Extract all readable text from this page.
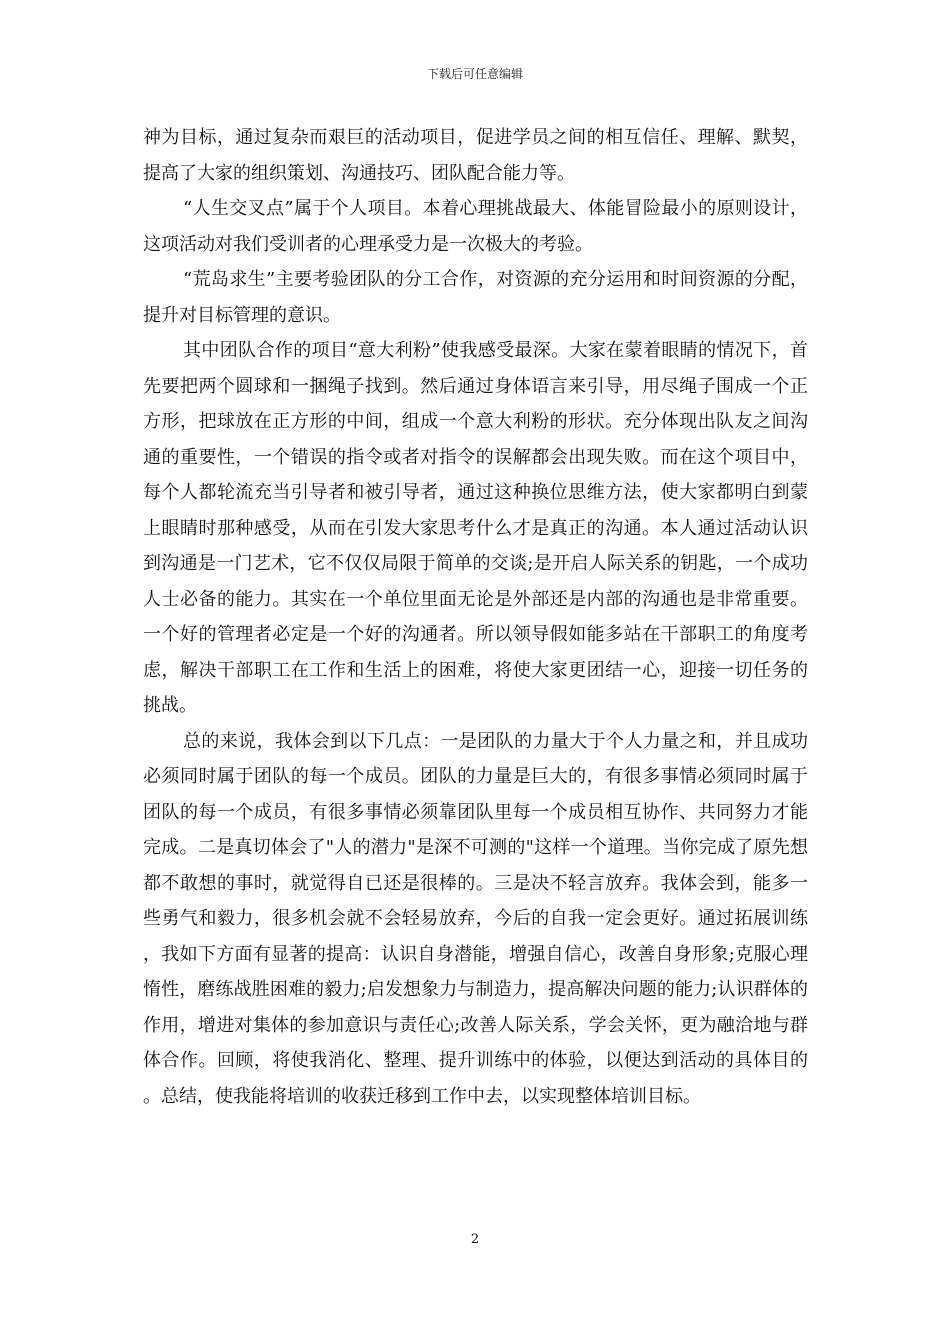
下载后可任意编辑

神为目标，通过复杂而艰巨的活动项目，促进学员之间的相互信任、理解、默契，提高了大家的组织策划、沟通技巧、团队配合能力等。

“人生交叉点”属于个人项目。本着心理挑战最大、体能冒险最小的原则设计，这项活动对我们受训者的心理承受力是一次极大的考验。

“荒岛求生”主要考验团队的分工合作，对资源的充分运用和时间资源的分配，提升对目标管理的意识。

其中团队合作的项目“意大利粉”使我感受最深。大家在蒙着眼睛的情况下，首先要把两个圆球和一捆绳子找到。然后通过身体语言来引导，用尽绳子围成一个正方形，把球放在正方形的中间，组成一个意大利粉的形状。充分体现出队友之间沟通的重要性，一个错误的指令或者对指令的误解都会出现失败。而在这个项目中，每个人都轮流充当引导者和被引导者，通过这种换位思维方法，使大家都明白到蒙上眼睛时那种感受，从而在引发大家思考什么才是真正的沟通。本人通过活动认识到沟通是一门艺术，它不仅仅局限于简单的交谈;是开启人际关系的钥匙，一个成功人士必备的能力。其实在一个单位里面无论是外部还是内部的沟通也是非常重要。一个好的管理者必定是一个好的沟通者。所以领导假如能多站在干部职工的角度考虑，解决干部职工在工作和生活上的困难，将使大家更团结一心，迎接一切任务的挑战。

总的来说，我体会到以下几点：一是团队的力量大于个人力量之和，并且成功必须同时属于团队的每一个成员。团队的力量是巨大的，有很多事情必须同时属于团队的每一个成员，有很多事情必须靠团队里每一个成员相互协作、共同努力才能完成。二是真切体会了"人的潜力"是深不可测的"这样一个道理。当你完成了原先想都不敢想的事时，就觉得自已还是很棒的。三是决不轻言放弃。我体会到，能多一些勇气和毅力，很多机会就不会轻易放弃，今后的自我一定会更好。通过拓展训练，我如下方面有显著的提高：认识自身潜能，增强自信心，改善自身形象;克服心理惰性，磨练战胜困难的毅力;启发想象力与制造力，提高解决问题的能力;认识群体的作用，增进对集体的参加意识与责任心;改善人际关系，学会关怀，更为融洽地与群体合作。回顾，将使我消化、整理、提升训练中的体验，以便达到活动的具体目的。总结，使我能将培训的收获迁移到工作中去，以实现整体培训目标。

2
